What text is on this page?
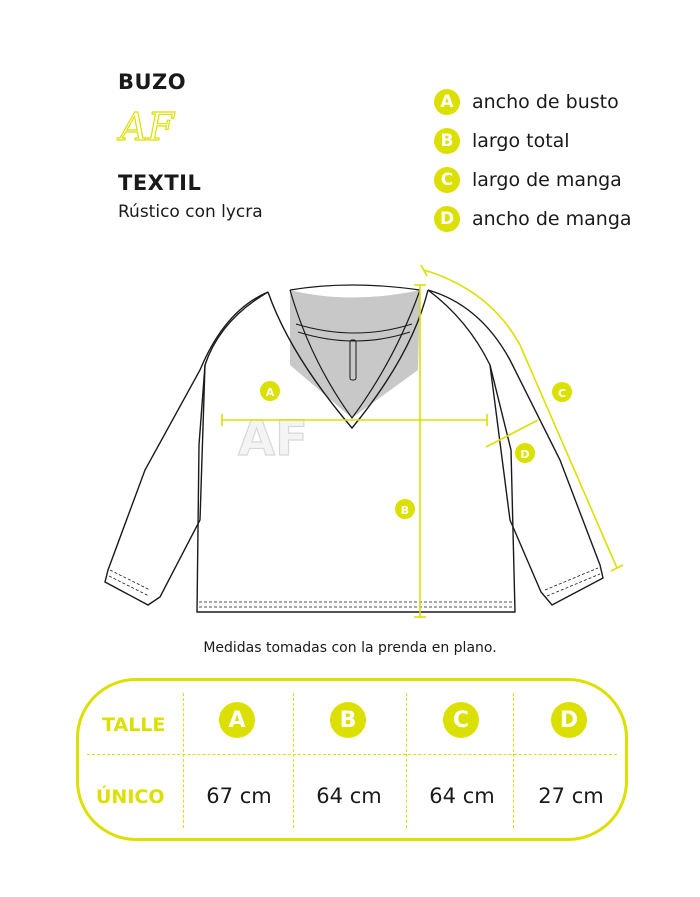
BUZO
AF
TEXTIL
Rústico con lycra
A ancho de busto
B largo total
C largo de manga
D ancho de manga
AF
A
B
C
D
Medidas tomadas con la prenda en plano.
TALLE	A	B	C	D
ÚNICO	67 cm	64 cm	64 cm	27 cm
